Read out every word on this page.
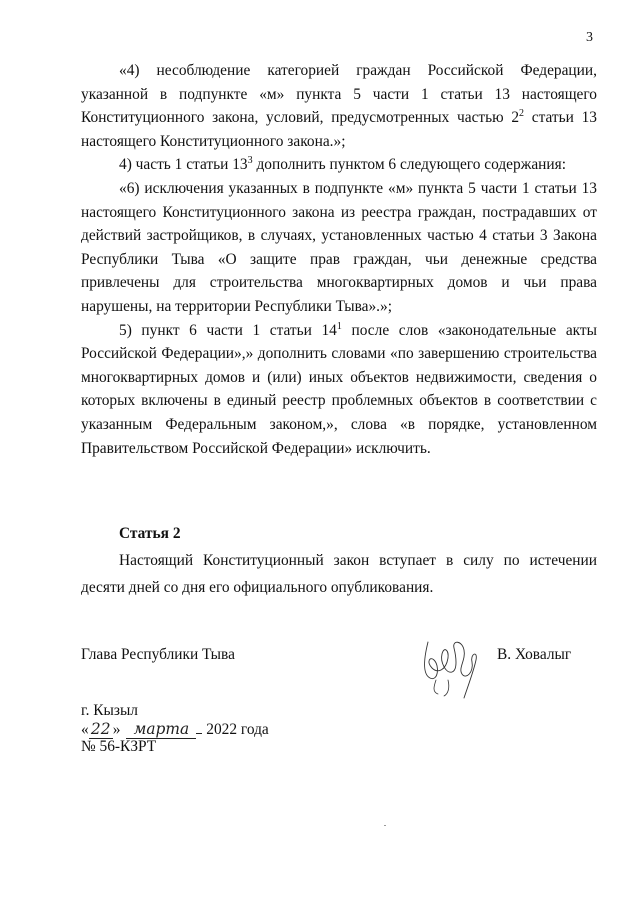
3

«4) несоблюдение категорией граждан Российской Федерации, указанной в подпункте «м» пункта 5 части 1 статьи 13 настоящего Конституционного закона, условий, предусмотренных частью $2^2$ статьи 13 настоящего Конституционного закона.»;

4) часть 1 статьи $13^3$ дополнить пунктом 6 следующего содержания:

«6) исключения указанных в подпункте «м» пункта 5 части 1 статьи 13 настоящего Конституционного закона из реестра граждан, пострадавших от действий застройщиков, в случаях, установленных частью 4 статьи 3 Закона Республики Тыва «О защите прав граждан, чьи денежные средства привлечены для строительства многоквартирных домов и чьи права нарушены, на территории Республики Тыва».»;

5) пункт 6 части 1 статьи $14^1$ после слов «законодательные акты Российской Федерации»,» дополнить словами «по завершению строительства многоквартирных домов и (или) иных объектов недвижимости, сведения о которых включены в единый реестр проблемных объектов в соответствии с указанным Федеральным законом,», слова «в порядке, установленном Правительством Российской Федерации» исключить.

Статья 2

Настоящий Конституционный закон вступает в силу по истечении десяти дней со дня его официального опубликования.

Глава Республики Тыва	В. Ховалыг
г. Кызыл
« 22 » марта 2022 года
№ 56-КЗРТ
